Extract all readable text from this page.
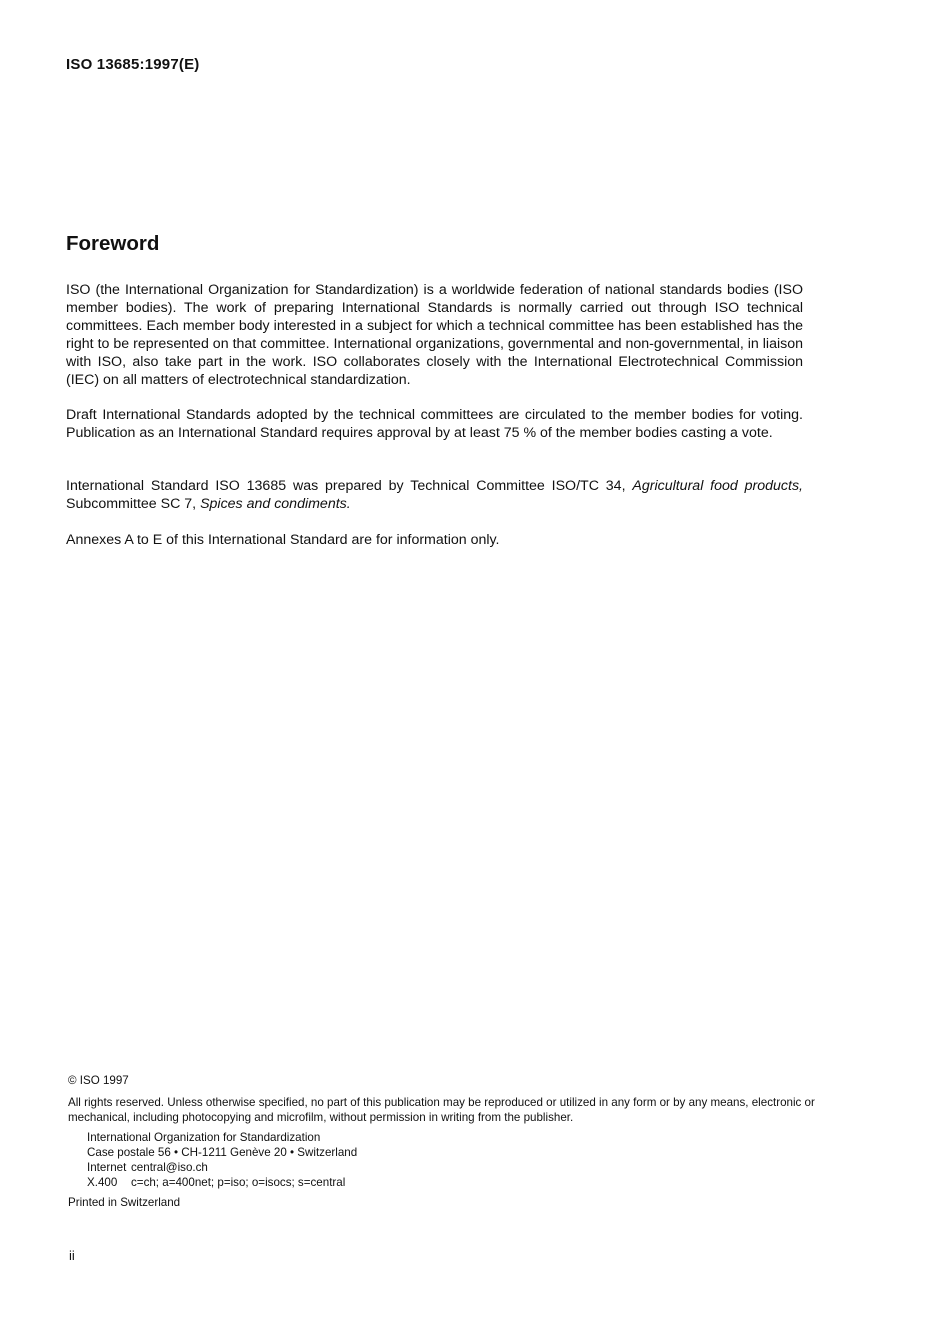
ISO 13685:1997(E)
Foreword

ISO (the International Organization for Standardization) is a worldwide federation of national standards bodies (ISO member bodies). The work of preparing International Standards is normally carried out through ISO technical committees. Each member body interested in a subject for which a technical committee has been established has the right to be represented on that committee. International organizations, governmental and non-governmental, in liaison with ISO, also take part in the work. ISO collaborates closely with the International Electrotechnical Commission (IEC) on all matters of electrotechnical standardization.

Draft International Standards adopted by the technical committees are circulated to the member bodies for voting. Publication as an International Standard requires approval by at least 75 % of the member bodies casting a vote.

International Standard ISO 13685 was prepared by Technical Committee ISO/TC 34, Agricultural food products, Subcommittee SC 7, Spices and condiments.

Annexes A to E of this International Standard are for information only.

© ISO 1997
All rights reserved. Unless otherwise specified, no part of this publication may be reproduced or utilized in any form or by any means, electronic or mechanical, including photocopying and microfilm, without permission in writing from the publisher.
International Organization for Standardization
Case postale 56 • CH-1211 Genève 20 • Switzerland
Internet central@iso.ch
X.400 c=ch; a=400net; p=iso; o=isocs; s=central
Printed in Switzerland
ii
